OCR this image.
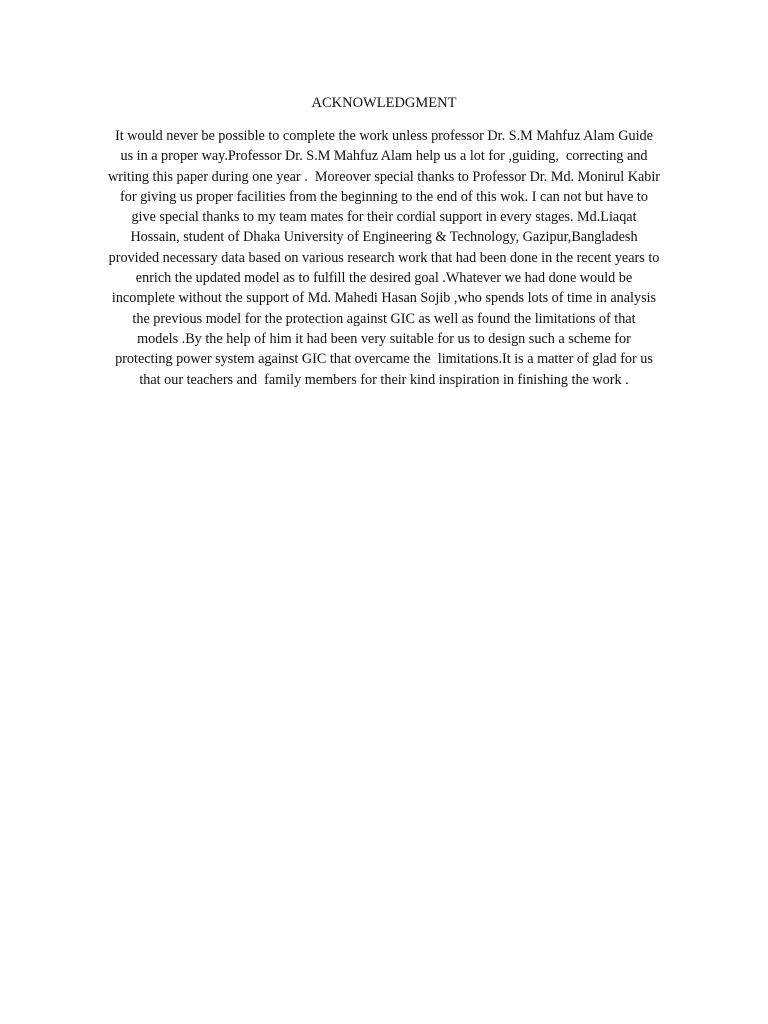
ACKNOWLEDGMENT
It would never be possible to complete the work unless professor Dr. S.M Mahfuz Alam Guide
us in a proper way.Professor Dr. S.M Mahfuz Alam help us a lot for ,guiding,  correcting and
writing this paper during one year .  Moreover special thanks to Professor Dr. Md. Monirul Kabir
for giving us proper facilities from the beginning to the end of this wok. I can not but have to
give special thanks to my team mates for their cordial support in every stages. Md.Liaqat
Hossain, student of Dhaka University of Engineering & Technology, Gazipur,Bangladesh
provided necessary data based on various research work that had been done in the recent years to
enrich the updated model as to fulfill the desired goal .Whatever we had done would be
incomplete without the support of Md. Mahedi Hasan Sojib ,who spends lots of time in analysis
the previous model for the protection against GIC as well as found the limitations of that
models .By the help of him it had been very suitable for us to design such a scheme for
protecting power system against GIC that overcame the  limitations.It is a matter of glad for us
that our teachers and  family members for their kind inspiration in finishing the work .
